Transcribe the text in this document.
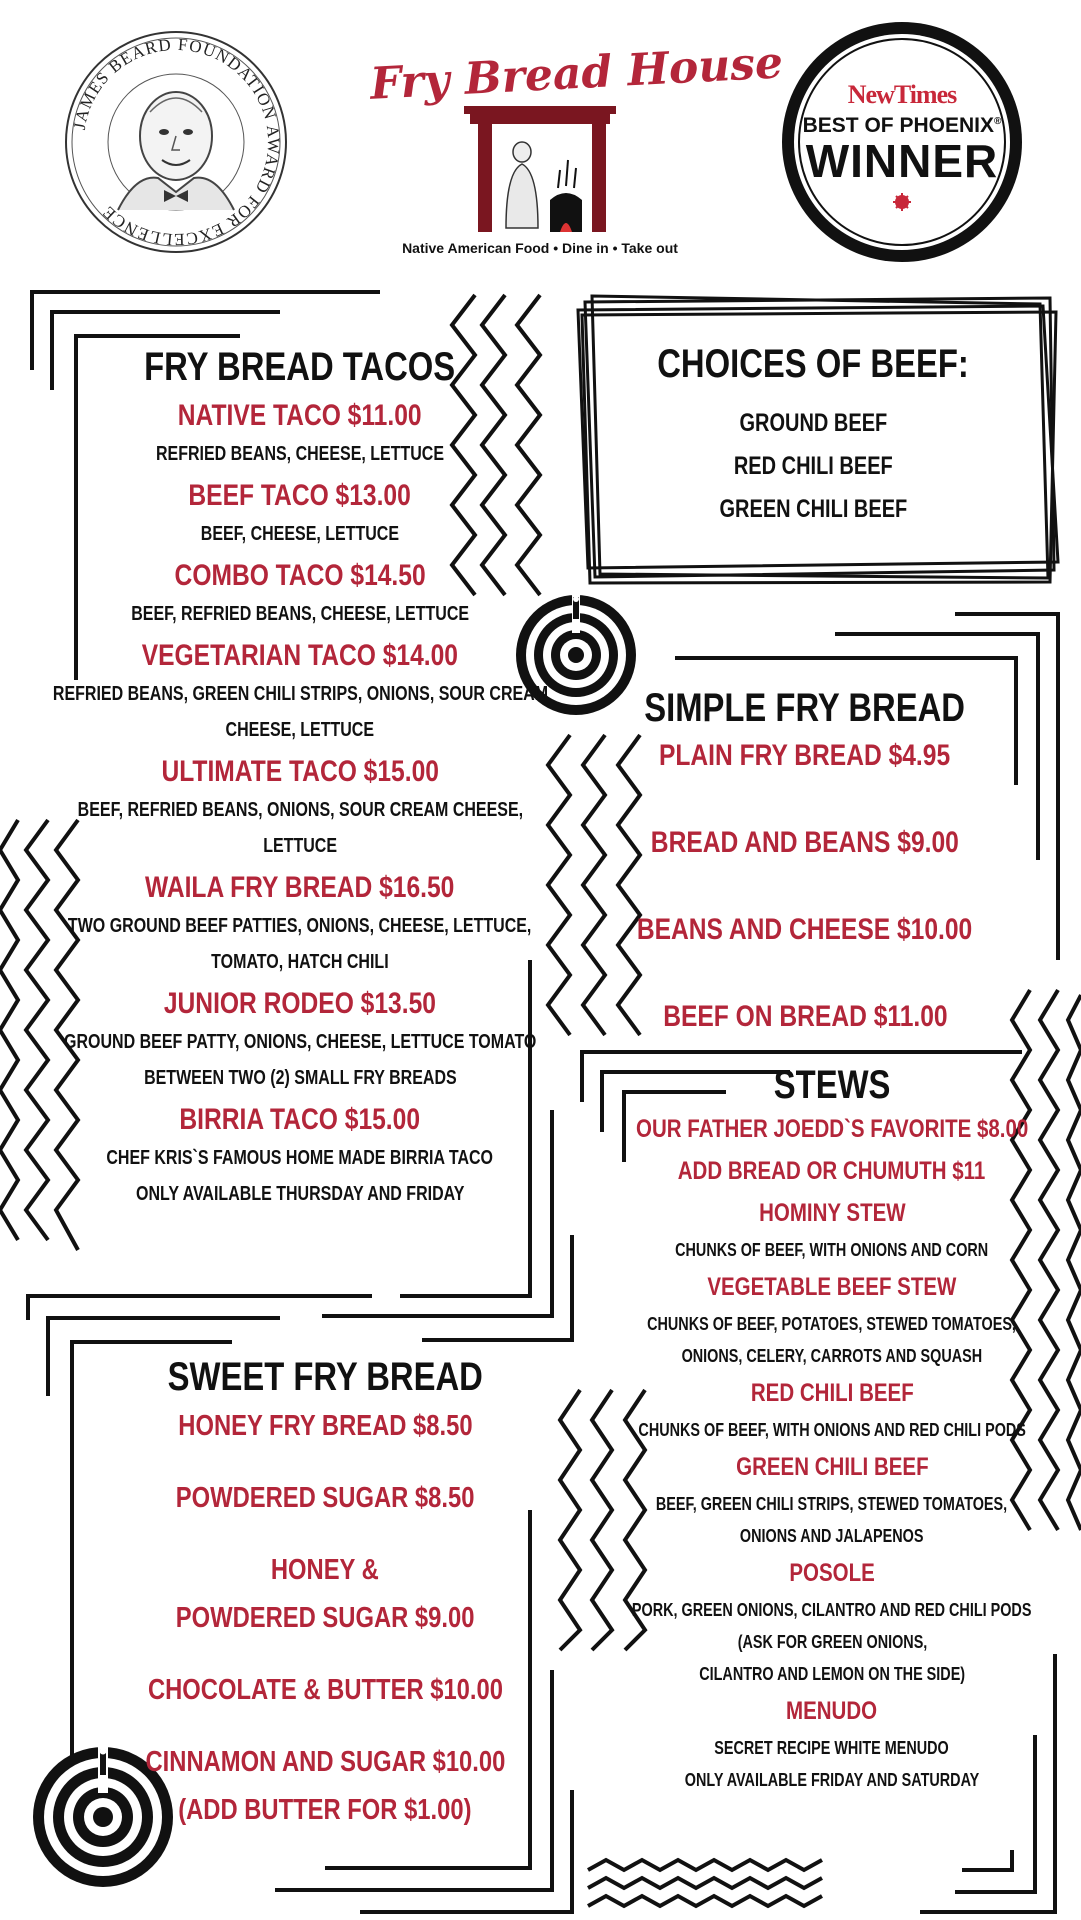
JAMES BEARD FOUNDATION AWARD FOR EXCELLENCE
Fry Bread House
Native American Food • Dine in • Take out
NewTimes
BEST OF PHOENIX®
WINNER
FRY BREAD TACOS
NATIVE TACO $11.00
REFRIED BEANS, CHEESE, LETTUCE
BEEF TACO $13.00
BEEF, CHEESE, LETTUCE
COMBO TACO $14.50
BEEF, REFRIED BEANS, CHEESE, LETTUCE
VEGETARIAN TACO $14.00
REFRIED BEANS, GREEN CHILI STRIPS, ONIONS, SOUR CREAM
CHEESE, LETTUCE
ULTIMATE TACO $15.00
BEEF, REFRIED BEANS, ONIONS, SOUR CREAM CHEESE,
LETTUCE
WAILA FRY BREAD $16.50
TWO GROUND BEEF PATTIES, ONIONS, CHEESE, LETTUCE,
TOMATO, HATCH CHILI
JUNIOR RODEO $13.50
GROUND BEEF PATTY, ONIONS, CHEESE, LETTUCE TOMATO
BETWEEN TWO (2) SMALL FRY BREADS
BIRRIA TACO $15.00
CHEF KRIS`S FAMOUS HOME MADE BIRRIA TACO
ONLY AVAILABLE THURSDAY AND FRIDAY
CHOICES OF BEEF:
GROUND BEEF
RED CHILI BEEF
GREEN CHILI BEEF
SIMPLE FRY BREAD
PLAIN FRY BREAD $4.95
BREAD AND BEANS $9.00
BEANS AND CHEESE $10.00
BEEF ON BREAD $11.00
STEWS
OUR FATHER JOEDD`S FAVORITE $8.00
ADD BREAD OR CHUMUTH $11
HOMINY STEW
CHUNKS OF BEEF, WITH ONIONS AND CORN
VEGETABLE BEEF STEW
CHUNKS OF BEEF, POTATOES, STEWED TOMATOES,
ONIONS, CELERY, CARROTS AND SQUASH
RED CHILI BEEF
CHUNKS OF BEEF, WITH ONIONS AND RED CHILI PODS
GREEN CHILI BEEF
BEEF, GREEN CHILI STRIPS, STEWED TOMATOES,
ONIONS AND JALAPENOS
POSOLE
PORK, GREEN ONIONS, CILANTRO AND RED CHILI PODS
(ASK FOR GREEN ONIONS,
CILANTRO AND LEMON ON THE SIDE)
MENUDO
SECRET RECIPE WHITE MENUDO
ONLY AVAILABLE FRIDAY AND SATURDAY
SWEET FRY BREAD
HONEY FRY BREAD $8.50
POWDERED SUGAR $8.50
HONEY &
POWDERED SUGAR $9.00
CHOCOLATE & BUTTER $10.00
CINNAMON AND SUGAR $10.00
(ADD BUTTER FOR $1.00)
